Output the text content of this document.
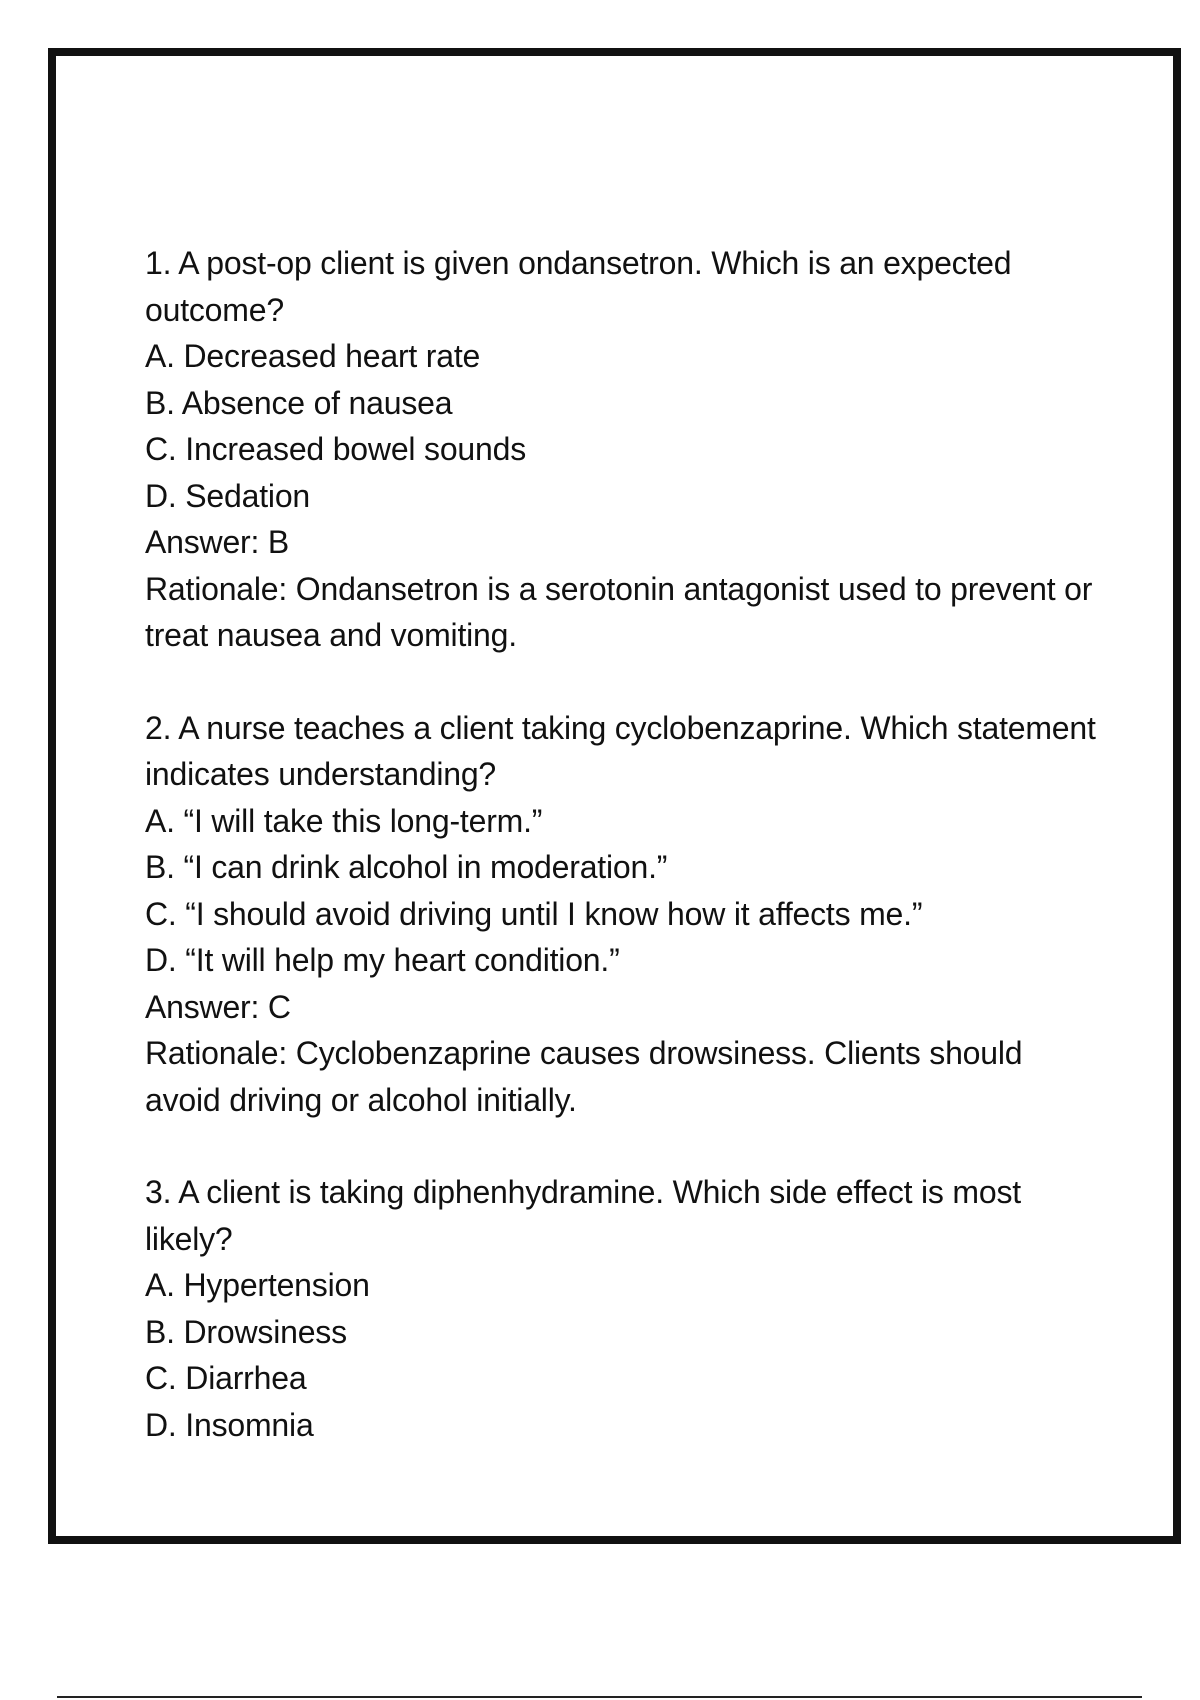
1. A post-op client is given ondansetron. Which is an expected outcome?
A. Decreased heart rate
B. Absence of nausea
C. Increased bowel sounds
D. Sedation
Answer: B
Rationale: Ondansetron is a serotonin antagonist used to prevent or treat nausea and vomiting.
2. A nurse teaches a client taking cyclobenzaprine. Which statement indicates understanding?
A. “I will take this long-term.”
B. “I can drink alcohol in moderation.”
C. “I should avoid driving until I know how it affects me.”
D. “It will help my heart condition.”
Answer: C
Rationale: Cyclobenzaprine causes drowsiness. Clients should avoid driving or alcohol initially.
3. A client is taking diphenhydramine. Which side effect is most likely?
A. Hypertension
B. Drowsiness
C. Diarrhea
D. Insomnia
